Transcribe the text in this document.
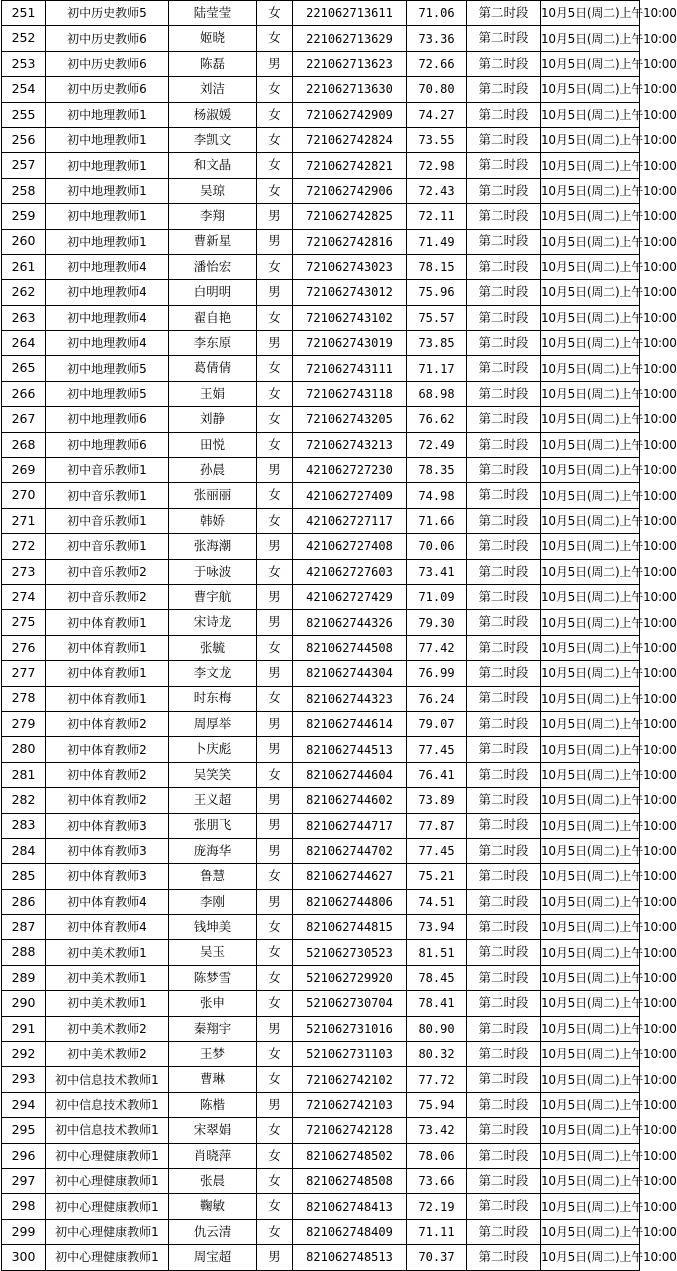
251	初中历史教师5	陆莹莹	女	221062713611	71.06	第二时段	10月5日(周二)上午10:00
252	初中历史教师6	姬晓	女	221062713629	73.36	第二时段	10月5日(周二)上午10:00
253	初中历史教师6	陈磊	男	221062713623	72.66	第二时段	10月5日(周二)上午10:00
254	初中历史教师6	刘洁	女	221062713630	70.80	第二时段	10月5日(周二)上午10:00
255	初中地理教师1	杨淑媛	女	721062742909	74.27	第二时段	10月5日(周二)上午10:00
256	初中地理教师1	李凯文	女	721062742824	73.55	第二时段	10月5日(周二)上午10:00
257	初中地理教师1	和文晶	女	721062742821	72.98	第二时段	10月5日(周二)上午10:00
258	初中地理教师1	吴琼	女	721062742906	72.43	第二时段	10月5日(周二)上午10:00
259	初中地理教师1	李翔	男	721062742825	72.11	第二时段	10月5日(周二)上午10:00
260	初中地理教师1	曹新星	男	721062742816	71.49	第二时段	10月5日(周二)上午10:00
261	初中地理教师4	潘怡宏	女	721062743023	78.15	第二时段	10月5日(周二)上午10:00
262	初中地理教师4	白明明	男	721062743012	75.96	第二时段	10月5日(周二)上午10:00
263	初中地理教师4	翟自艳	女	721062743102	75.57	第二时段	10月5日(周二)上午10:00
264	初中地理教师4	李东原	男	721062743019	73.85	第二时段	10月5日(周二)上午10:00
265	初中地理教师5	葛倩倩	女	721062743111	71.17	第二时段	10月5日(周二)上午10:00
266	初中地理教师5	王娟	女	721062743118	68.98	第二时段	10月5日(周二)上午10:00
267	初中地理教师6	刘静	女	721062743205	76.62	第二时段	10月5日(周二)上午10:00
268	初中地理教师6	田悦	女	721062743213	72.49	第二时段	10月5日(周二)上午10:00
269	初中音乐教师1	孙晨	男	421062727230	78.35	第二时段	10月5日(周二)上午10:00
270	初中音乐教师1	张丽丽	女	421062727409	74.98	第二时段	10月5日(周二)上午10:00
271	初中音乐教师1	韩娇	女	421062727117	71.66	第二时段	10月5日(周二)上午10:00
272	初中音乐教师1	张海潮	男	421062727408	70.06	第二时段	10月5日(周二)上午10:00
273	初中音乐教师2	于咏波	女	421062727603	73.41	第二时段	10月5日(周二)上午10:00
274	初中音乐教师2	曹宇航	男	421062727429	71.09	第二时段	10月5日(周二)上午10:00
275	初中体育教师1	宋诗龙	男	821062744326	79.30	第二时段	10月5日(周二)上午10:00
276	初中体育教师1	张毓	女	821062744508	77.42	第二时段	10月5日(周二)上午10:00
277	初中体育教师1	李文龙	男	821062744304	76.99	第二时段	10月5日(周二)上午10:00
278	初中体育教师1	时东梅	女	821062744323	76.24	第二时段	10月5日(周二)上午10:00
279	初中体育教师2	周厚举	男	821062744614	79.07	第二时段	10月5日(周二)上午10:00
280	初中体育教师2	卜庆彪	男	821062744513	77.45	第二时段	10月5日(周二)上午10:00
281	初中体育教师2	吴笑笑	女	821062744604	76.41	第二时段	10月5日(周二)上午10:00
282	初中体育教师2	王义超	男	821062744602	73.89	第二时段	10月5日(周二)上午10:00
283	初中体育教师3	张朋飞	男	821062744717	77.87	第二时段	10月5日(周二)上午10:00
284	初中体育教师3	庞海华	男	821062744702	77.45	第二时段	10月5日(周二)上午10:00
285	初中体育教师3	鲁慧	女	821062744627	75.21	第二时段	10月5日(周二)上午10:00
286	初中体育教师4	李刚	男	821062744806	74.51	第二时段	10月5日(周二)上午10:00
287	初中体育教师4	钱坤美	女	821062744815	73.94	第二时段	10月5日(周二)上午10:00
288	初中美术教师1	吴玉	女	521062730523	81.51	第二时段	10月5日(周二)上午10:00
289	初中美术教师1	陈梦雪	女	521062729920	78.45	第二时段	10月5日(周二)上午10:00
290	初中美术教师1	张申	女	521062730704	78.41	第二时段	10月5日(周二)上午10:00
291	初中美术教师2	秦翔宇	男	521062731016	80.90	第二时段	10月5日(周二)上午10:00
292	初中美术教师2	王梦	女	521062731103	80.32	第二时段	10月5日(周二)上午10:00
293	初中信息技术教师1	曹琳	女	721062742102	77.72	第二时段	10月5日(周二)上午10:00
294	初中信息技术教师1	陈楷	男	721062742103	75.94	第二时段	10月5日(周二)上午10:00
295	初中信息技术教师1	宋翠娟	女	721062742128	73.42	第二时段	10月5日(周二)上午10:00
296	初中心理健康教师1	肖晓萍	女	821062748502	78.06	第二时段	10月5日(周二)上午10:00
297	初中心理健康教师1	张晨	女	821062748508	73.66	第二时段	10月5日(周二)上午10:00
298	初中心理健康教师1	鞠敏	女	821062748413	72.19	第二时段	10月5日(周二)上午10:00
299	初中心理健康教师1	仇云清	女	821062748409	71.11	第二时段	10月5日(周二)上午10:00
300	初中心理健康教师1	周宝超	男	821062748513	70.37	第二时段	10月5日(周二)上午10:00
